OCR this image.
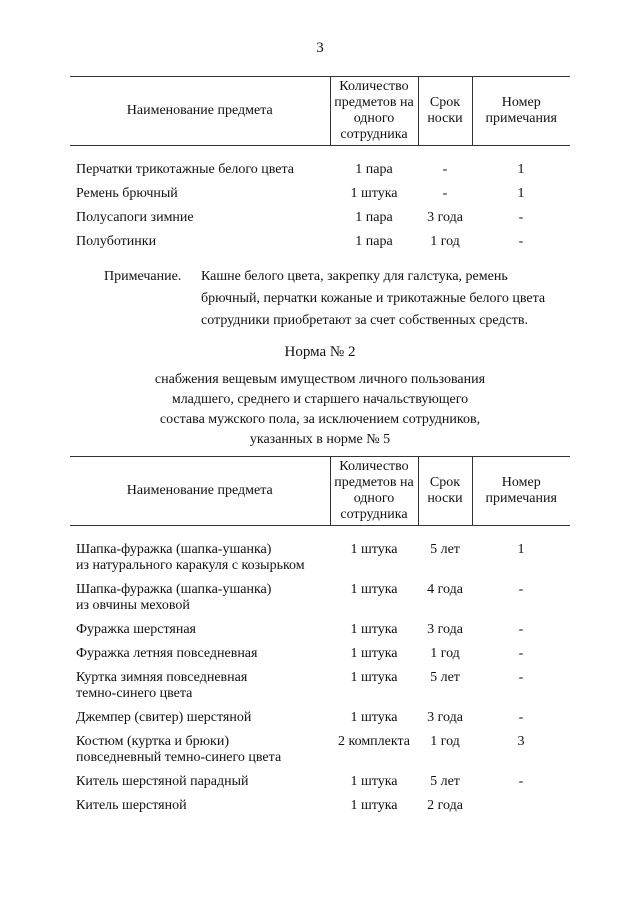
3
Наименование предмета	Количество предметов на одного сотрудника	Срок носки	Номер примечания

Перчатки трикотажные белого цвета	1 пара	-	1

Ремень брючный	1 штука	-	1

Полусапоги зимние	1 пара	3 года	-

Полуботинки	1 пара	1 год	-
Примечание. Кашне белого цвета, закрепку для галстука, ремень
брючный, перчатки кожаные и трикотажные белого цвета
сотрудники приобретают за счет собственных средств.
Норма № 2
снабжения вещевым имуществом личного пользования
младшего, среднего и старшего начальствующего
состава мужского пола, за исключением сотрудников,
указанных в норме № 5
Наименование предмета	Количество предметов на одного сотрудника	Срок носки	Номер примечания

Шапка-фуражка (шапка-ушанка)
из натурального каракуля с козырьком	1 штука	5 лет	1

Шапка-фуражка (шапка-ушанка)
из овчины меховой	1 штука	4 года	-

Фуражка шерстяная	1 штука	3 года	-

Фуражка летняя повседневная	1 штука	1 год	-

Куртка зимняя повседневная
темно-синего цвета	1 штука	5 лет	-

Джемпер (свитер) шерстяной	1 штука	3 года	-

Костюм (куртка и брюки)
повседневный темно-синего цвета	2 комплекта	1 год	3

Китель шерстяной парадный	1 штука	5 лет	-

Китель шерстяной	1 штука	2 года	
